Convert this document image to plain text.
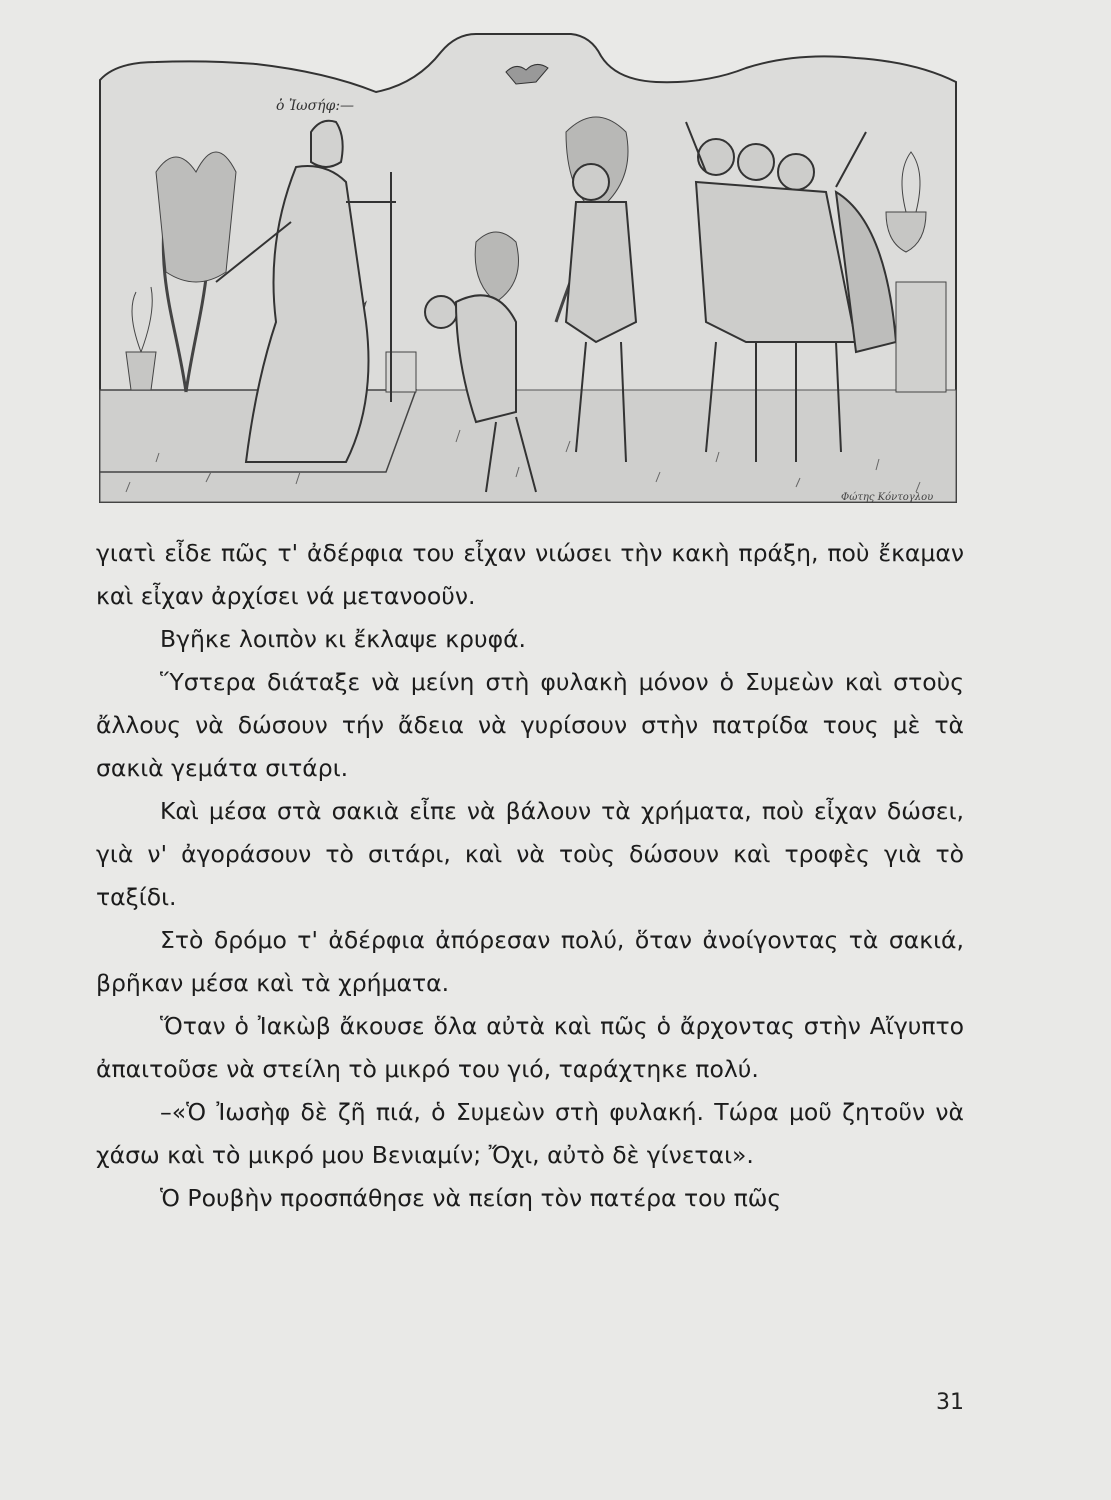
ὁ Ἰωσήφ:—
Φώτης Κόντογλου

γιατὶ εἶδε πῶς τ' ἀδέρφια του εἶχαν νιώσει τὴν κακὴ πράξη, ποὺ ἔκαμαν καὶ εἶχαν ἀρχίσει νά μετανοοῦν.

Βγῆκε λοιπὸν κι ἔκλαψε κρυφά.

Ὕστερα διάταξε νὰ μείνη στὴ φυλακὴ μόνον ὁ Συμεὼν καὶ στοὺς ἄλλους νὰ δώσουν τήν ἄδεια νὰ γυρίσουν στὴν πατρίδα τους μὲ τὰ σακιὰ γεμάτα σιτάρι.

Καὶ μέσα στὰ σακιὰ εἶπε νὰ βάλουν τὰ χρήματα, ποὺ εἶχαν δώσει, γιὰ ν' ἀγοράσουν τὸ σιτάρι, καὶ νὰ τοὺς δώσουν καὶ τροφὲς γιὰ τὸ ταξίδι.

Στὸ δρόμο τ' ἀδέρφια ἀπόρεσαν πολύ, ὅταν ἀνοίγοντας τὰ σακιά, βρῆκαν μέσα καὶ τὰ χρήματα.

Ὅταν ὁ Ἰακὼβ ἄκουσε ὅλα αὐτὰ καὶ πῶς ὁ ἄρχοντας στὴν Αἴγυπτο ἀπαιτοῦσε νὰ στείλη τὸ μικρό του γιό, ταράχτηκε πολύ.

–«Ὁ Ἰωσὴφ δὲ ζῆ πιά, ὁ Συμεὼν στὴ φυλακή. Τώρα μοῦ ζητοῦν νὰ χάσω καὶ τὸ μικρό μου Βενιαμίν; Ὄχι, αὐτὸ δὲ γίνεται».

Ὁ Ρουβὴν προσπάθησε νὰ πείση τὸν πατέρα του πῶς

31
